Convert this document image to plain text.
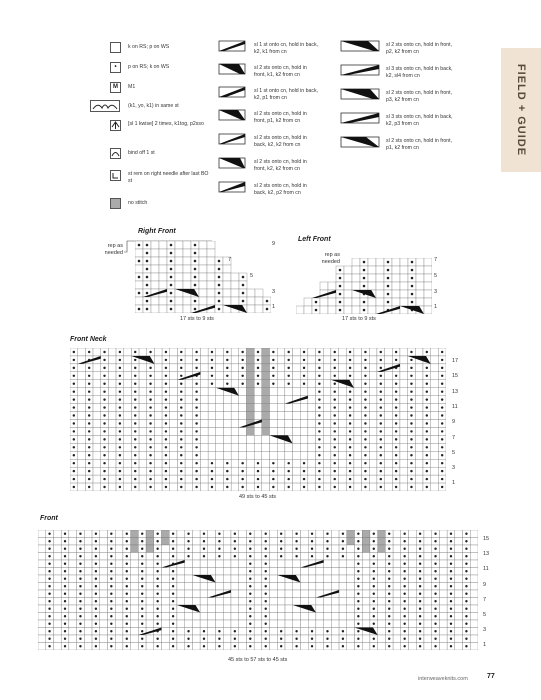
FIELD + GUIDE
k on RS; p on WS
•	p on RS; k on WS
M	M1
(k1, yo, k1) in same st
[sl 1 kwise] 2 times, k1tog, p2sso
bind off 1 st
st rem on right needle after last BO st
no stitch
sl 1 st onto cn, hold in back, k2, k1 from cn
sl 2 sts onto cn, hold in front, k1, k2 from cn
sl 1 st onto cn, hold in back, k2, p1 from cn
sl 2 sts onto cn, hold in front, p1, k2 from cn
sl 2 sts onto cn, hold in back, k2, k2 from cn
sl 2 sts onto cn, hold in front, k2, k2 from cn
sl 2 sts onto cn, hold in back, k2, p2 from cn
sl 2 sts onto cn, hold in front, p2, k2 from cn
sl 3 sts onto cn, hold in back, k2, sl4 from cn
sl 2 sts onto cn, hold in front, p3, k2 from cn
sl 3 sts onto cn, hold in back, k2, p3 from cn
sl 2 sts onto cn, hold in front, p1, k2 from cn
Right Front
rep as needed
9
7
5
3
1
17 sts to 9 sts
Left Front
rep as needed	7
5
3
1
17 sts to 9 sts
Front Neck
17
15
13
11
9
7
5
3
1
49 sts to 45 sts
Front
15
13
11
9
7
5
3
1
45 sts to 57 sts to 45 sts
interweaveknits.com	77
